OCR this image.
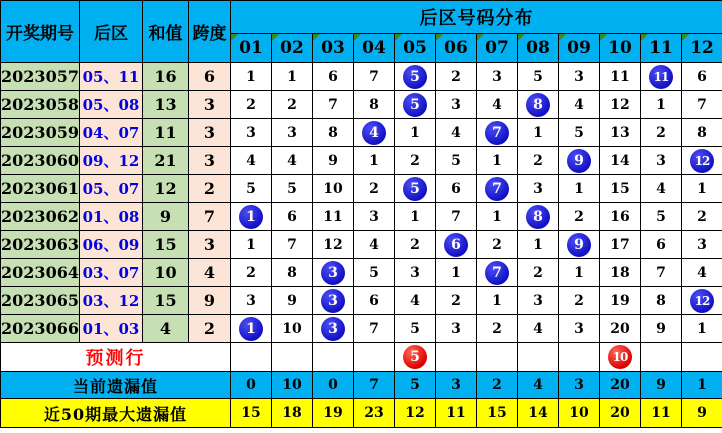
开奖期号	后区	和值	跨度	后区号码分布											

01	02	03	04	05	06	07	08	09	10	11	12
2023057	05、11	16	6	1	1	6	7	5	2	3	5	3	11	11	6
2023058	05、08	13	3	2	2	7	8	5	3	4	8	4	12	1	7
2023059	04、07	11	3	3	3	8	4	1	4	7	1	5	13	2	8
2023060	09、12	21	3	4	4	9	1	2	5	1	2	9	14	3	12
2023061	05、07	12	2	5	5	10	2	5	6	7	3	1	15	4	1
2023062	01、08	9	7	1	6	11	3	1	7	1	8	2	16	5	2
2023063	06、09	15	3	1	7	12	4	2	6	2	1	9	17	6	3
2023064	03、07	10	4	2	8	3	5	3	1	7	2	1	18	7	4
2023065	03、12	15	9	3	9	3	6	4	2	1	3	2	19	8	12
2023066	01、03	4	2	1	10	3	7	5	3	2	4	3	20	9	1
预测行								5					10		
当前遗漏值				0	10	0	7	5	3	2	4	3	20	9	1
近50期最大遗漏值				15	18	19	23	12	11	15	14	10	20	11	9
